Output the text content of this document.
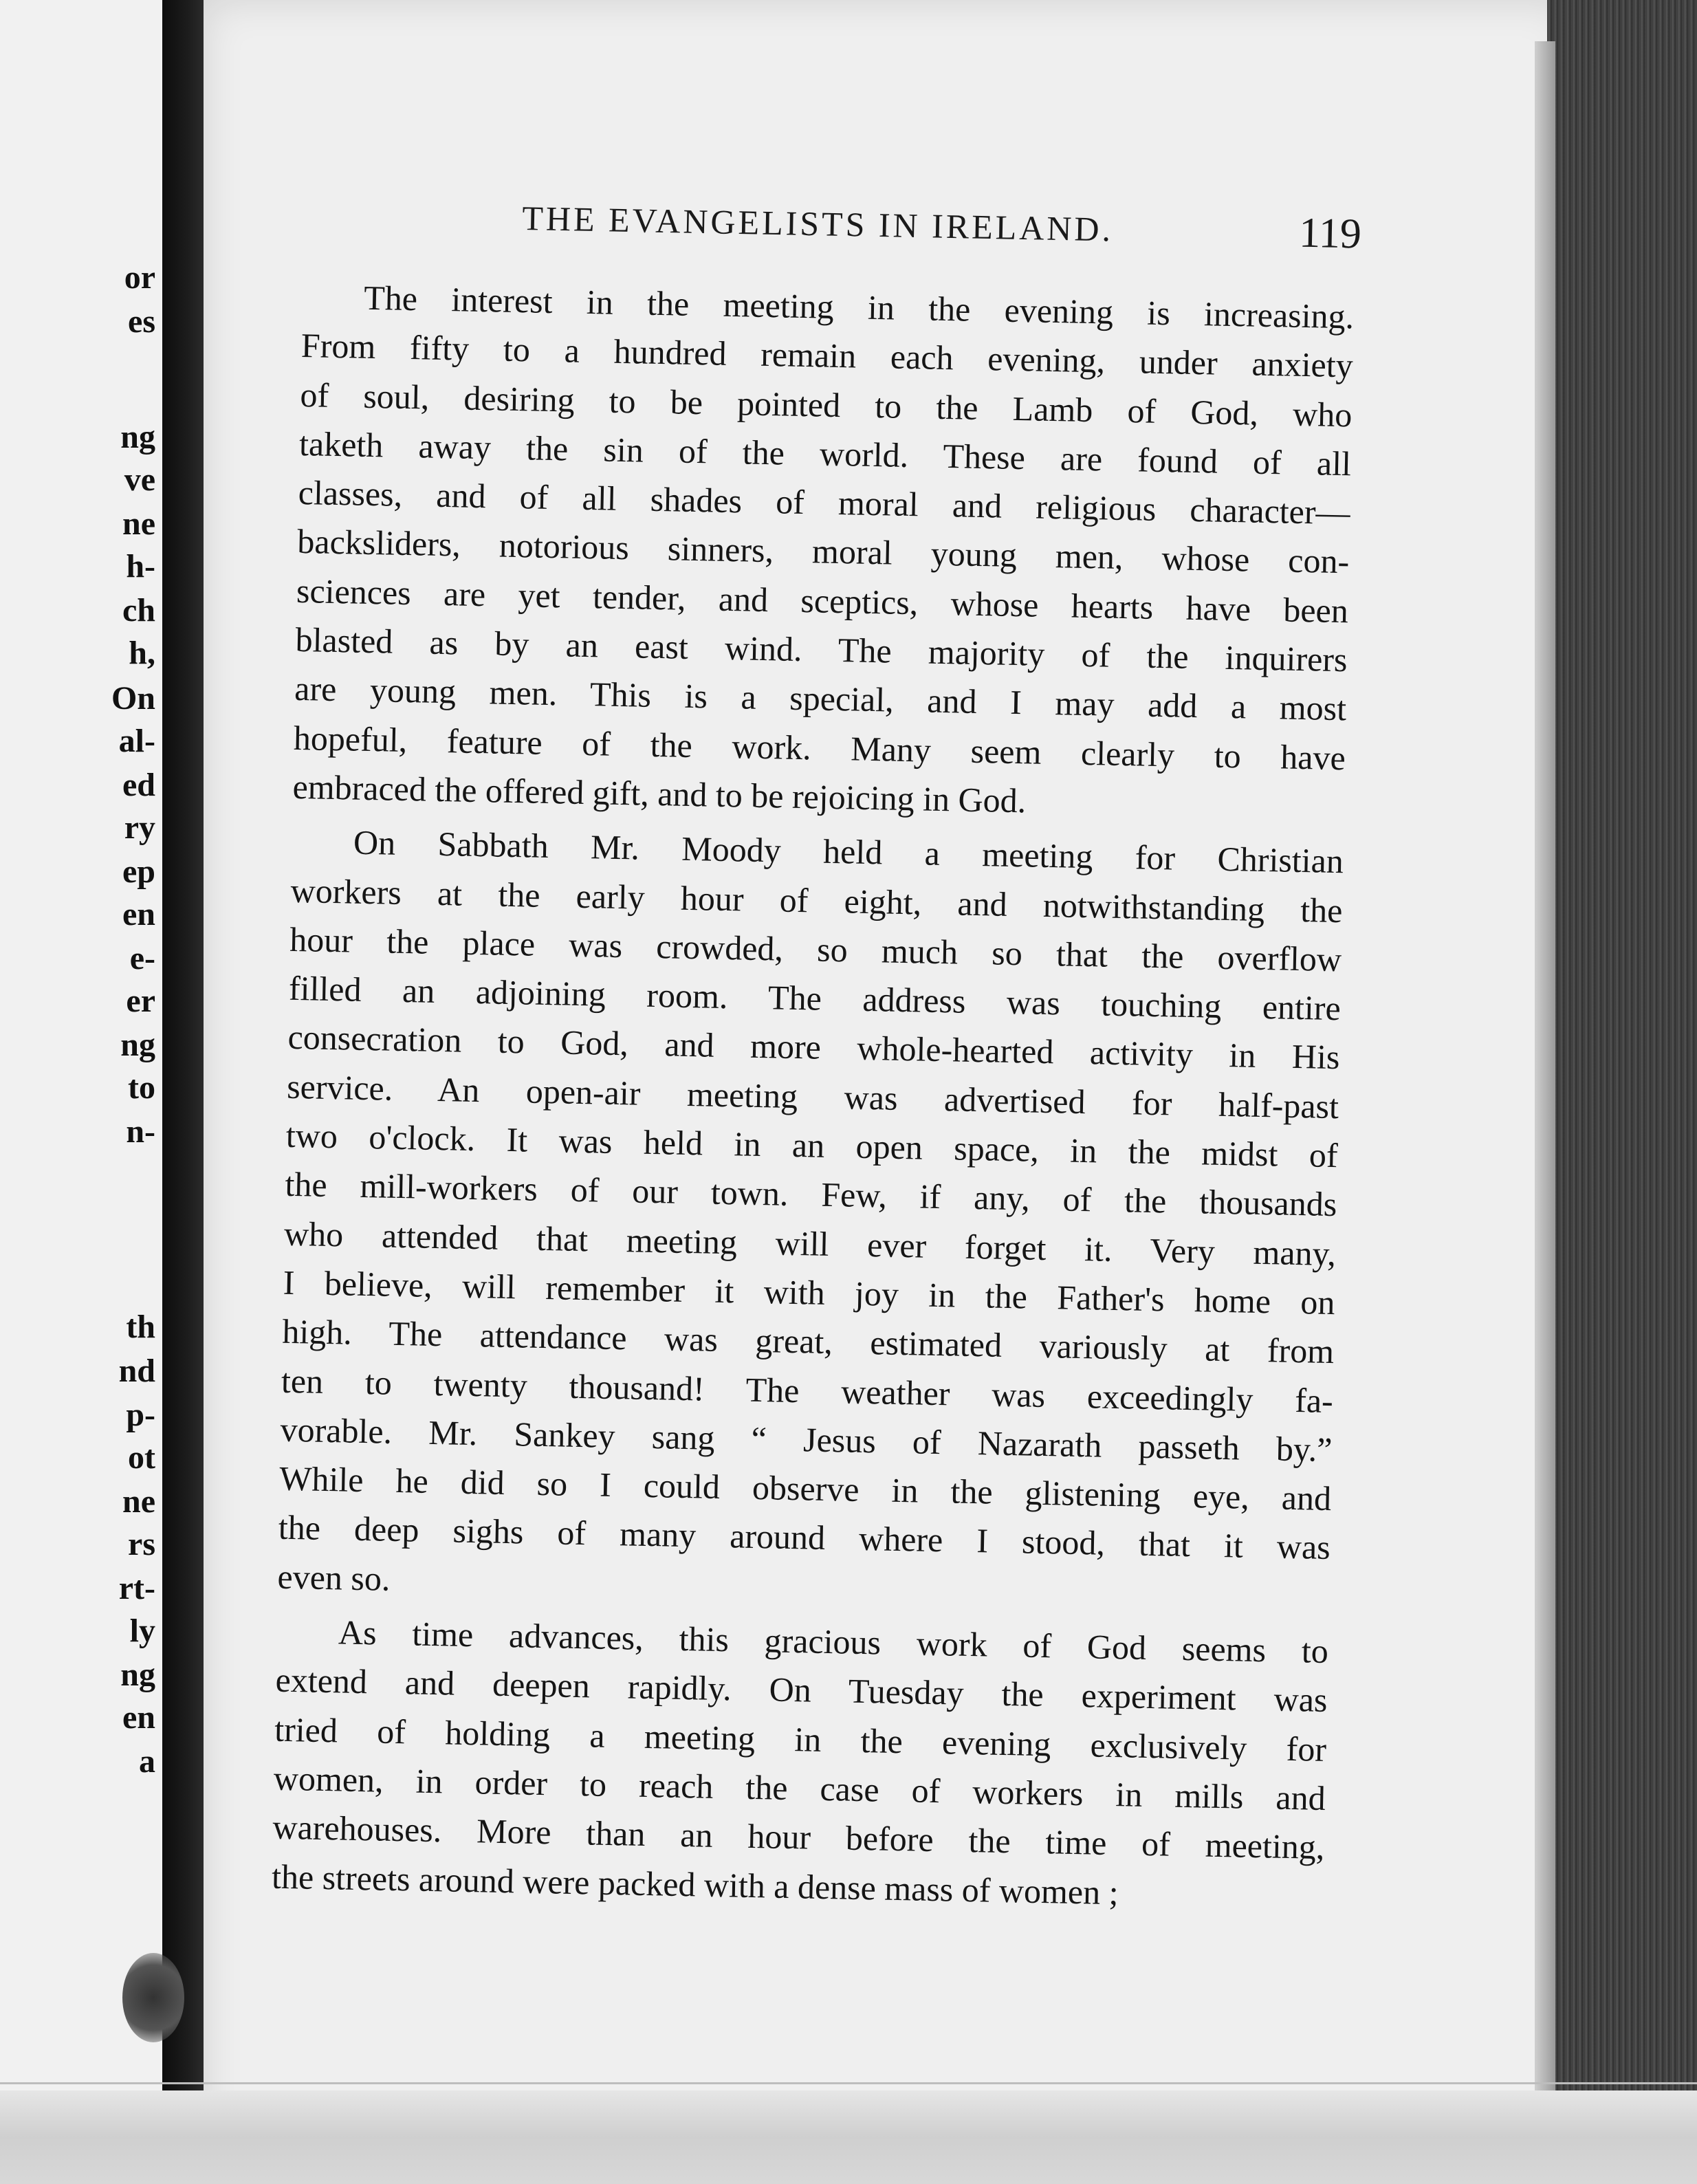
or
es
ng
ve
ne
h-
ch
h,
On
al-
ed
ry
ep
en
e-
er
ng
to
n-
th
nd
p-
ot
ne
rs
rt-
ly
ng
en
a
THE EVANGELISTS IN IRELAND.	119
The interest in the meeting in the evening is increasing.
From fifty to a hundred remain each evening, under anxiety
of soul, desiring to be pointed to the Lamb of God, who
taketh away the sin of the world. These are found of all
classes, and of all shades of moral and religious character—
backsliders, notorious sinners, moral young men, whose con-
sciences are yet tender, and sceptics, whose hearts have been
blasted as by an east wind. The majority of the inquirers
are young men. This is a special, and I may add a most
hopeful, feature of the work. Many seem clearly to have
embraced the offered gift, and to be rejoicing in God.
On Sabbath Mr. Moody held a meeting for Christian
workers at the early hour of eight, and notwithstanding the
hour the place was crowded, so much so that the overflow
filled an adjoining room. The address was touching entire
consecration to God, and more whole-hearted activity in His
service. An open-air meeting was advertised for half-past
two o'clock. It was held in an open space, in the midst of
the mill-workers of our town. Few, if any, of the thousands
who attended that meeting will ever forget it. Very many,
I believe, will remember it with joy in the Father's home on
high. The attendance was great, estimated variously at from
ten to twenty thousand! The weather was exceedingly fa-
vorable. Mr. Sankey sang “ Jesus of Nazarath passeth by.”
While he did so I could observe in the glistening eye, and
the deep sighs of many around where I stood, that it was
even so.
As time advances, this gracious work of God seems to
extend and deepen rapidly. On Tuesday the experiment was
tried of holding a meeting in the evening exclusively for
women, in order to reach the case of workers in mills and
warehouses. More than an hour before the time of meeting,
the streets around were packed with a dense mass of women ;
